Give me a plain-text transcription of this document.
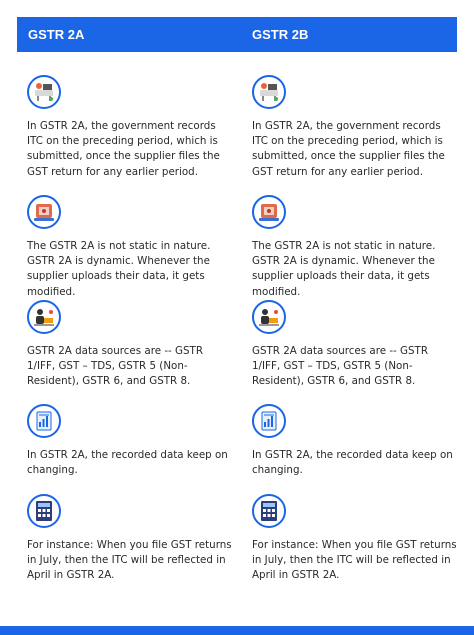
GSTR 2A	GSTR 2B
In GSTR 2A, the government records ITC on the preceding period, which is submitted, once the supplier files the GST return for any earlier period.
The GSTR 2A is not static in nature. GSTR 2A is dynamic. Whenever the supplier uploads their data, it gets modified.
GSTR 2A data sources are -- GSTR 1/IFF, GST – TDS, GSTR 5 (Non-Resident), GSTR 6, and GSTR 8.
In GSTR 2A, the recorded data keep on changing.
For instance: When you file GST returns in July, then the ITC will be reflected in April in GSTR 2A.
In GSTR 2A, the government records ITC on the preceding period, which is submitted, once the supplier files the GST return for any earlier period.
The GSTR 2A is not static in nature. GSTR 2A is dynamic. Whenever the supplier uploads their data, it gets modified.
GSTR 2A data sources are -- GSTR 1/IFF, GST – TDS, GSTR 5 (Non-Resident), GSTR 6, and GSTR 8.
In GSTR 2A, the recorded data keep on changing.
For instance: When you file GST returns in July, then the ITC will be reflected in April in GSTR 2A.
